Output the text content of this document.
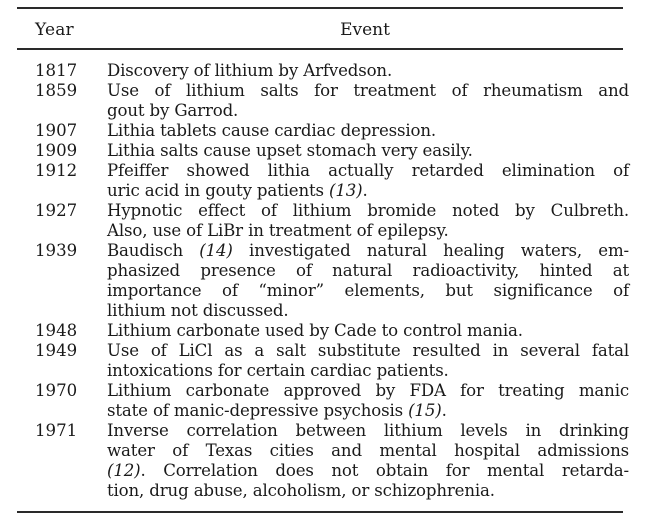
Year	Event
1817	Discovery of lithium by Arfvedson.
1859	Use of lithium salts for treatment of rheumatism and
gout by Garrod.
1907	Lithia tablets cause cardiac depression.
1909	Lithia salts cause upset stomach very easily.
1912	Pfeiffer showed lithia actually retarded elimination of
uric acid in gouty patients (13).
1927	Hypnotic effect of lithium bromide noted by Culbreth.
Also, use of LiBr in treatment of epilepsy.
1939	Baudisch (14) investigated natural healing waters, em-
phasized presence of natural radioactivity, hinted at
importance of “minor” elements, but significance of
lithium not discussed.
1948	Lithium carbonate used by Cade to control mania.
1949	Use of LiCl as a salt substitute resulted in several fatal
intoxications for certain cardiac patients.
1970	Lithium carbonate approved by FDA for treating manic
state of manic-depressive psychosis (15).
1971	Inverse correlation between lithium levels in drinking
water of Texas cities and mental hospital admissions
(12). Correlation does not obtain for mental retarda-
tion, drug abuse, alcoholism, or schizophrenia.
